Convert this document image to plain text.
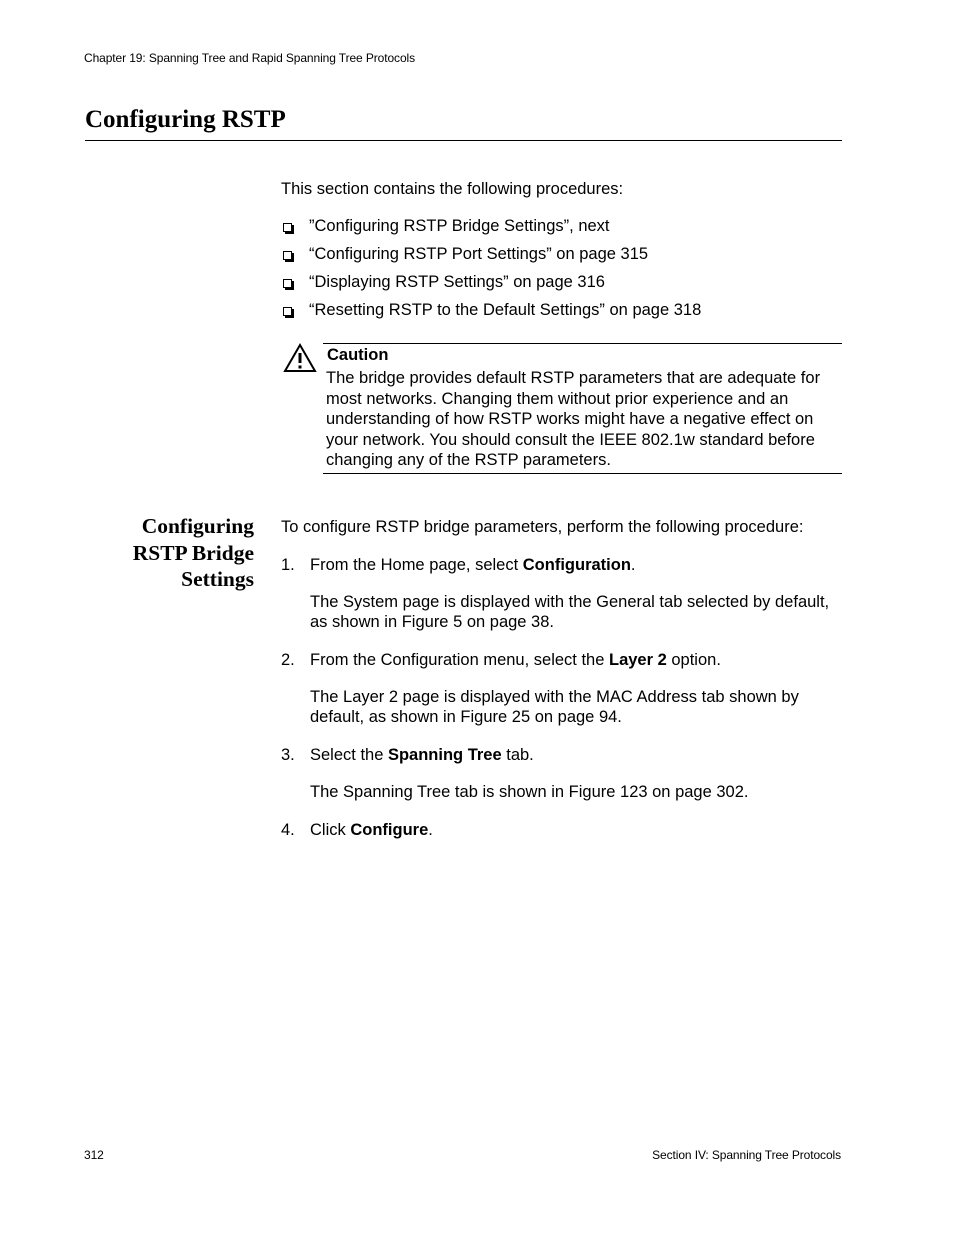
Chapter 19: Spanning Tree and Rapid Spanning Tree Protocols
Configuring RSTP
This section contains the following procedures:
”Configuring RSTP Bridge Settings”, next
“Configuring RSTP Port Settings” on page 315
“Displaying RSTP Settings” on page 316
“Resetting RSTP to the Default Settings” on page 318
Caution
The bridge provides default RSTP parameters that are adequate for most networks. Changing them without prior experience and an understanding of how RSTP works might have a negative effect on your network. You should consult the IEEE 802.1w standard before changing any of the RSTP parameters.
Configuring
RSTP Bridge
Settings
To configure RSTP bridge parameters, perform the following procedure:
1. From the Home page, select Configuration.
The System page is displayed with the General tab selected by default, as shown in Figure 5 on page 38.
2. From the Configuration menu, select the Layer 2 option.
The Layer 2 page is displayed with the MAC Address tab shown by default, as shown in Figure 25 on page 94.
3. Select the Spanning Tree tab.
The Spanning Tree tab is shown in Figure 123 on page 302.
4. Click Configure.
312	Section IV: Spanning Tree Protocols
